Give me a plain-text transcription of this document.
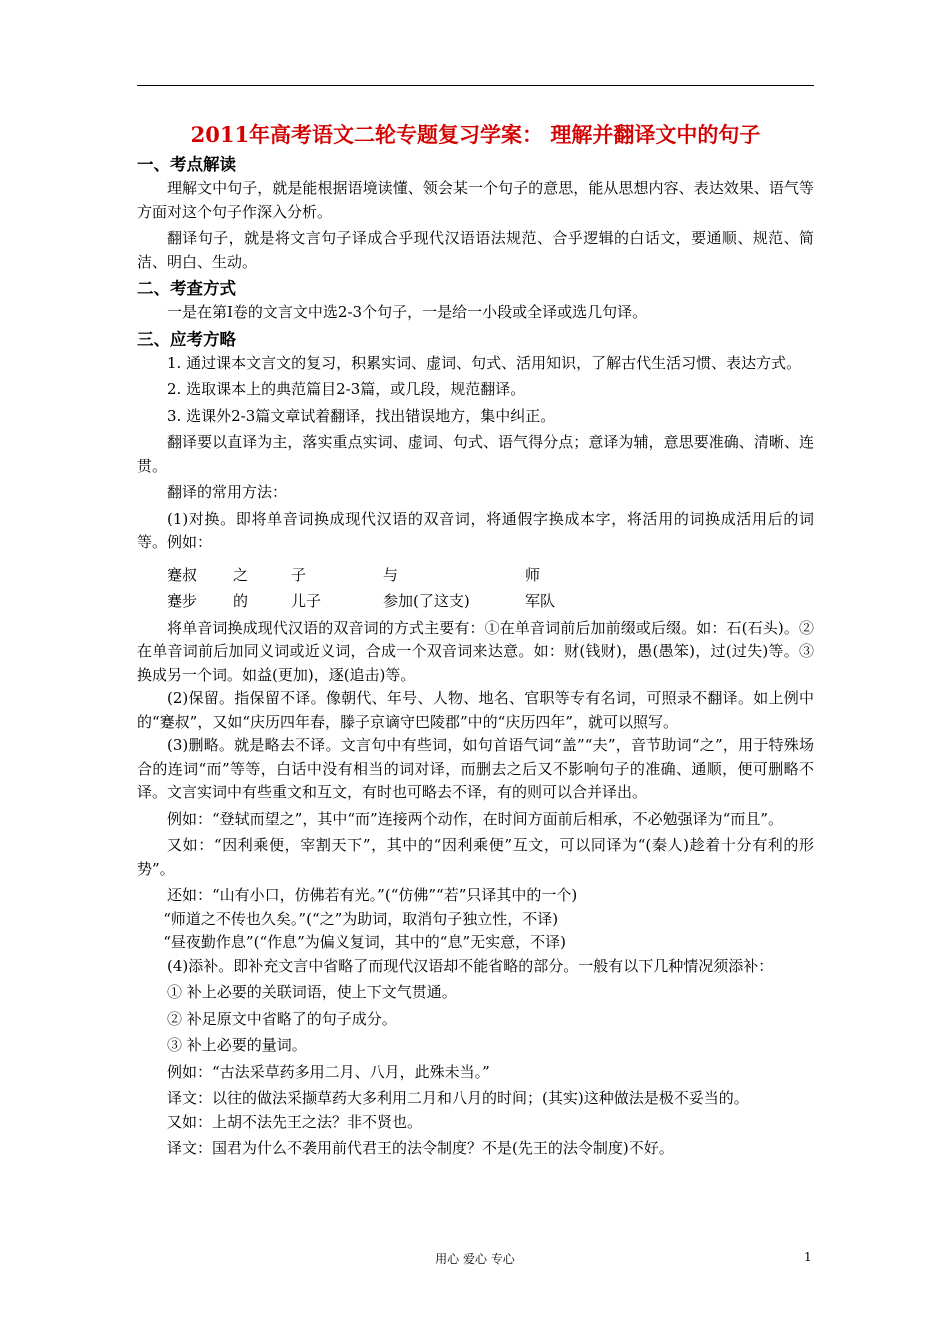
2011年高考语文二轮专题复习学案： 理解并翻译文中的句子
一、考点解读
理解文中句子，就是能根据语境读懂、领会某一个句子的意思，能从思想内容、表达效果、语气等方面对这个句子作深入分析。
翻译句子，就是将文言句子译成合乎现代汉语语法规范、合乎逻辑的白话文，要通顺、规范、简洁、明白、生动。
二、考查方式
一是在第Ⅰ卷的文言文中选2-3个句子，一是给一小段或全译或选几句译。
三、应考方略
1. 通过课本文言文的复习，积累实词、虚词、句式、活用知识，了解古代生活习惯、表达方式。
2. 选取课本上的典范篇目2-3篇，或几段，规范翻译。
3. 选课外2-3篇文章试着翻译，找出错误地方，集中纠正。
翻译要以直译为主，落实重点实词、虚词、句式、语气得分点；意译为辅，意思要准确、清晰、连贯。
翻译的常用方法：
(1)对换。即将单音词换成现代汉语的双音词，将通假字换成本字，将活用的词换成活用后的词等。例如：
蹇叔	之	子	与	师
蹇步	的	儿子	参加(了这支)	军队
将单音词换成现代汉语的双音词的方式主要有：①在单音词前后加前缀或后缀。如：石(石头)。②在单音词前后加同义词或近义词，合成一个双音词来达意。如：财(钱财)，愚(愚笨)，过(过失)等。③换成另一个词。如益(更加)，逐(追击)等。
(2)保留。指保留不译。像朝代、年号、人物、地名、官职等专有名词，可照录不翻译。如上例中的“蹇叔”，又如“庆历四年春，滕子京谪守巴陵郡”中的“庆历四年”，就可以照写。
(3)删略。就是略去不译。文言句中有些词，如句首语气词“盖”“夫”，音节助词“之”，用于特殊场合的连词“而”等等，白话中没有相当的词对译，而删去之后又不影响句子的准确、通顺，便可删略不译。文言实词中有些重文和互文，有时也可略去不译，有的则可以合并译出。
例如：“登轼而望之”，其中“而”连接两个动作，在时间方面前后相承，不必勉强译为“而且”。
又如：“因利乘便，宰割天下”，其中的“因利乘便”互文，可以同译为“(秦人)趁着十分有利的形势”。
还如：“山有小口，仿佛若有光。”(“仿佛”“若”只译其中的一个)
“师道之不传也久矣。”(“之”为助词，取消句子独立性，不译)
“昼夜勤作息”(“作息”为偏义复词，其中的“息”无实意，不译)
(4)添补。即补充文言中省略了而现代汉语却不能省略的部分。一般有以下几种情况须添补：
① 补上必要的关联词语，使上下文气贯通。
② 补足原文中省略了的句子成分。
③ 补上必要的量词。
例如：“古法采草药多用二月、八月，此殊未当。”
译文：以往的做法采撷草药大多利用二月和八月的时间；(其实)这种做法是极不妥当的。
又如：上胡不法先王之法？非不贤也。
译文：国君为什么不袭用前代君王的法令制度？不是(先王的法令制度)不好。
用心 爱心 专心	1
